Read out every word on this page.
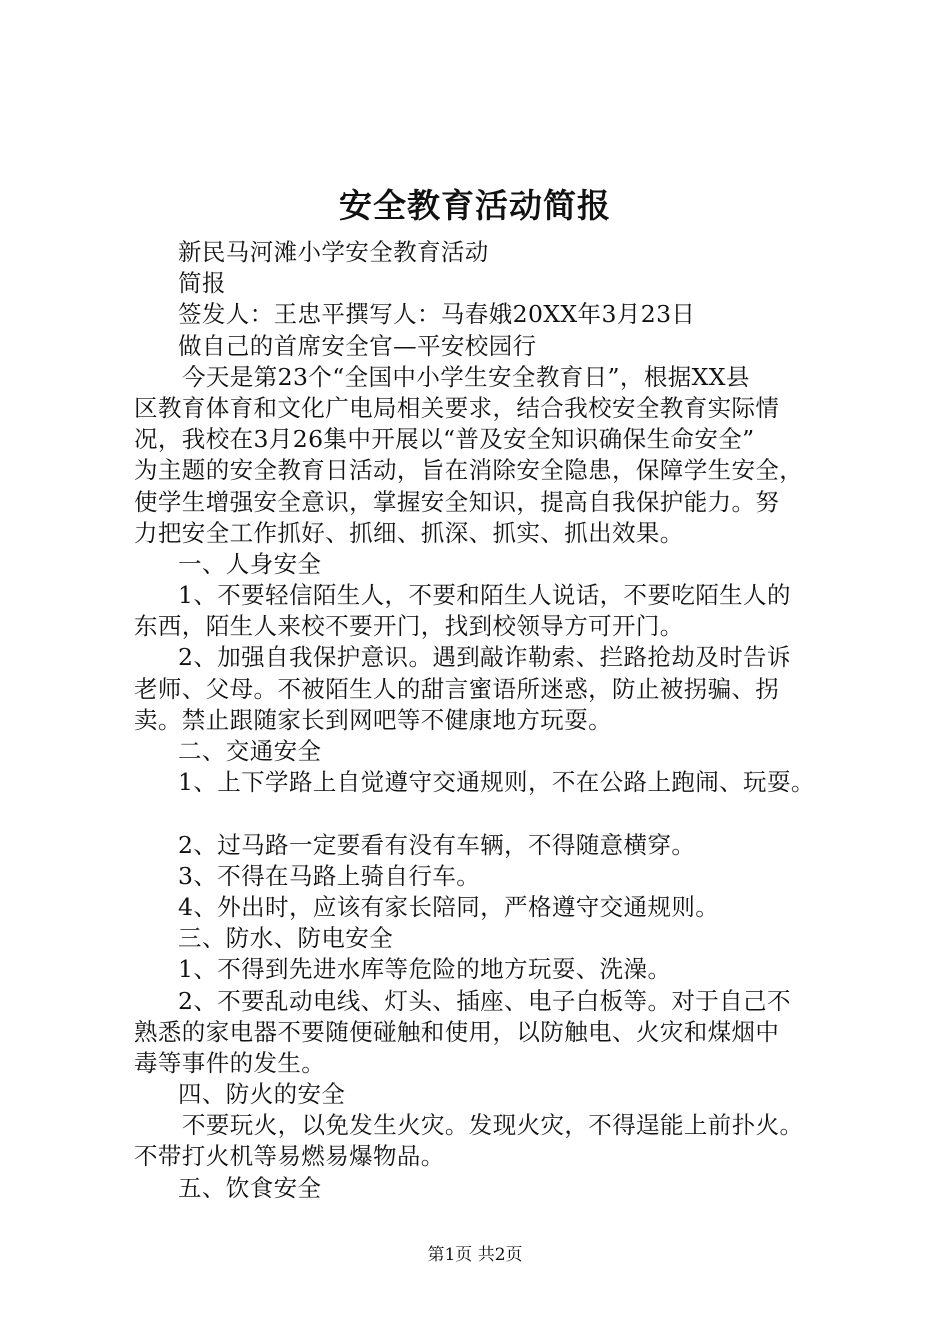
安全教育活动简报
新民马河滩小学安全教育活动
简报
签发人：王忠平撰写人：马春娥20XX年3月23日
做自己的首席安全官—平安校园行
今天是第23个“全国中小学生安全教育日”，根据XX县
区教育体育和文化广电局相关要求，结合我校安全教育实际情
况，我校在3月26集中开展以“普及安全知识确保生命安全”
为主题的安全教育日活动，旨在消除安全隐患，保障学生安全，
使学生增强安全意识，掌握安全知识，提高自我保护能力。努
力把安全工作抓好、抓细、抓深、抓实、抓出效果。
一、人身安全
1、不要轻信陌生人，不要和陌生人说话，不要吃陌生人的
东西，陌生人来校不要开门，找到校领导方可开门。
2、加强自我保护意识。遇到敲诈勒索、拦路抢劫及时告诉
老师、父母。不被陌生人的甜言蜜语所迷惑，防止被拐骗、拐
卖。禁止跟随家长到网吧等不健康地方玩耍。
二、交通安全
1、上下学路上自觉遵守交通规则，不在公路上跑闹、玩耍。
2、过马路一定要看有没有车辆，不得随意横穿。
3、不得在马路上骑自行车。
4、外出时，应该有家长陪同，严格遵守交通规则。
三、防水、防电安全
1、不得到先进水库等危险的地方玩耍、洗澡。
2、不要乱动电线、灯头、插座、电子白板等。对于自己不
熟悉的家电器不要随便碰触和使用，以防触电、火灾和煤烟中
毒等事件的发生。
四、防火的安全
不要玩火，以免发生火灾。发现火灾，不得逞能上前扑火。
不带打火机等易燃易爆物品。
五、饮食安全
第1页 共2页
